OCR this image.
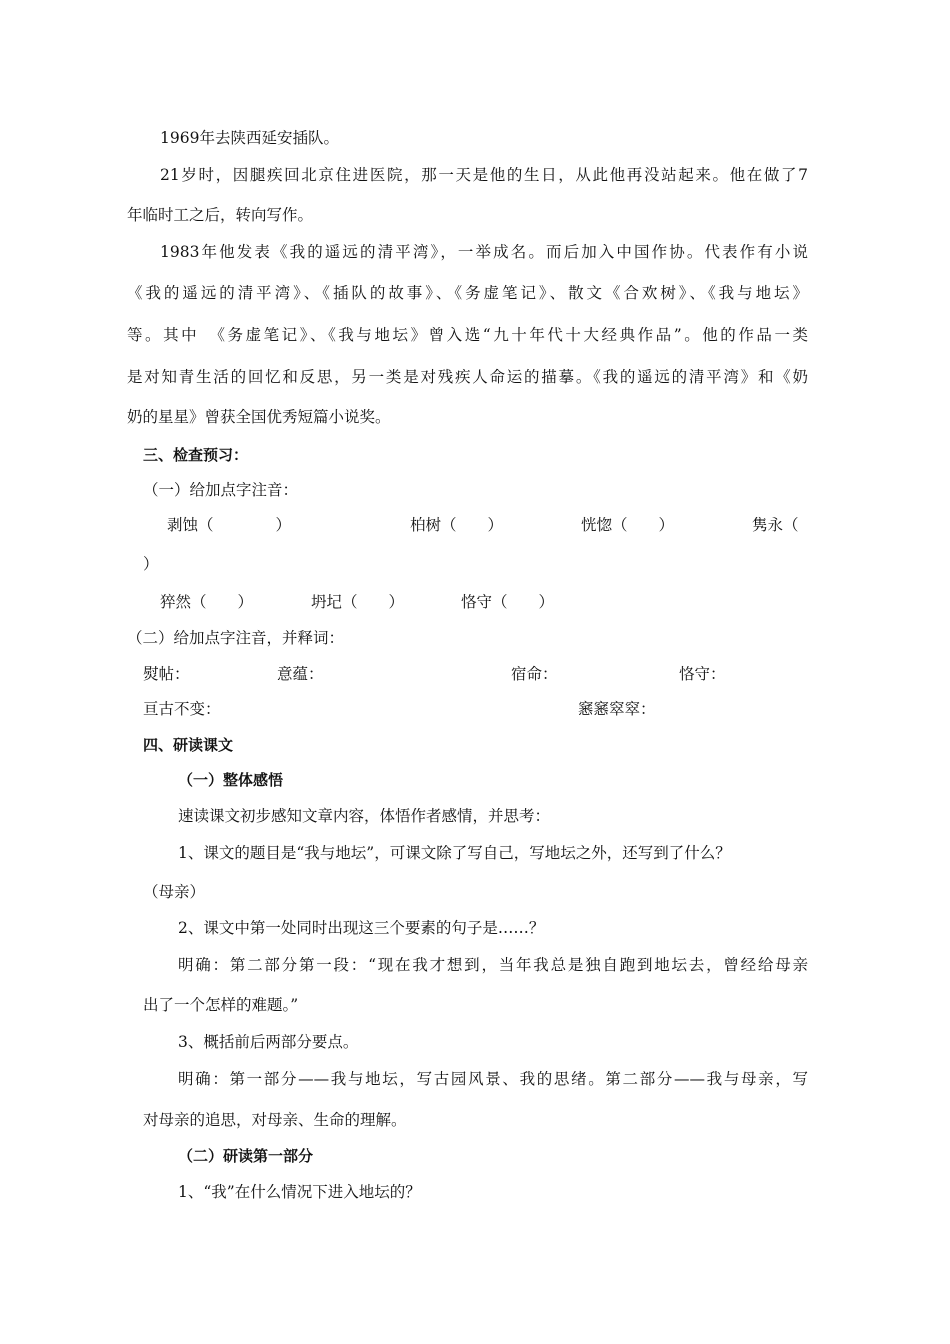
1969年去陕西延安插队。
21岁时，因腿疾回北京住进医院，那一天是他的生日，从此他再没站起来。他在做了7
年临时工之后，转向写作。
1983年他发表《我的遥远的清平湾》，一举成名。而后加入中国作协。代表作有小说
《我的遥远的清平湾》、《插队的故事》、《务虚笔记》、散文《合欢树》、《我与地坛》
等。其中　《务虚笔记》、《我与地坛》曾入选“九十年代十大经典作品”。他的作品一类
是对知青生活的回忆和反思，另一类是对残疾人命运的描摹。《我的遥远的清平湾》和《奶
奶的星星》曾获全国优秀短篇小说奖。
三、检查预习：
（一）给加点字注音：
剥蚀（　　　　）	柏树（　　）	恍惚（　　）	隽永（
）
猝然（　　）	坍圮（　　）	恪守（　　）
（二）给加点字注音，并释词：
熨帖：	意蕴：	宿命：	恪守：
亘古不变：	窸窸窣窣：
四、研读课文
（一）整体感悟
速读课文初步感知文章内容，体悟作者感情，并思考：
1、课文的题目是“我与地坛”，可课文除了写自己，写地坛之外，还写到了什么？
（母亲）
2、课文中第一处同时出现这三个要素的句子是……？
明确：第二部分第一段：“现在我才想到，当年我总是独自跑到地坛去，曾经给母亲
出了一个怎样的难题。”
3、概括前后两部分要点。
明确：第一部分——我与地坛，写古园风景、我的思绪。第二部分——我与母亲，写
对母亲的追思，对母亲、生命的理解。
（二）研读第一部分
1、“我”在什么情况下进入地坛的？
